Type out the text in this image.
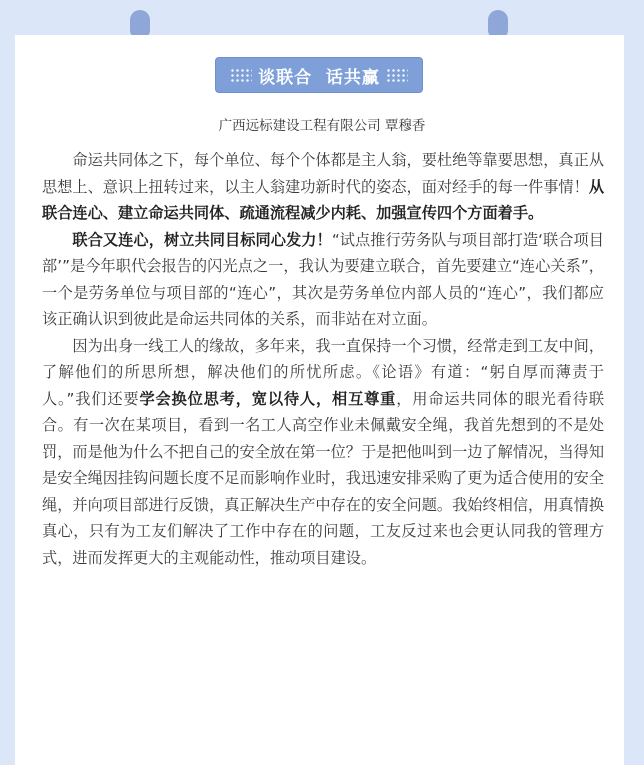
谈联合  话共赢
广西远标建设工程有限公司 覃穆香

命运共同体之下，每个单位、每个个体都是主人翁，要杜绝等靠要思想，真正从思想上、意识上扭转过来，以主人翁建功新时代的姿态，面对经手的每一件事情！从联合连心、建立命运共同体、疏通流程减少内耗、加强宣传四个方面着手。

联合又连心，树立共同目标同心发力！“试点推行劳务队与项目部打造‘联合项目部’”是今年职代会报告的闪光点之一，我认为要建立联合，首先要建立“连心关系”，一个是劳务单位与项目部的“连心”，其次是劳务单位内部人员的“连心”，我们都应该正确认识到彼此是命运共同体的关系，而非站在对立面。

因为出身一线工人的缘故，多年来，我一直保持一个习惯，经常走到工友中间，了解他们的所思所想，解决他们的所忧所虑。《论语》有道：“躬自厚而薄责于人。”我们还要学会换位思考，宽以待人，相互尊重，用命运共同体的眼光看待联合。有一次在某项目，看到一名工人高空作业未佩戴安全绳，我首先想到的不是处罚，而是他为什么不把自己的安全放在第一位？于是把他叫到一边了解情况，当得知是安全绳因挂钩问题长度不足而影响作业时，我迅速安排采购了更为适合使用的安全绳，并向项目部进行反馈，真正解决生产中存在的安全问题。我始终相信，用真情换真心，只有为工友们解决了工作中存在的问题，工友反过来也会更认同我的管理方式，进而发挥更大的主观能动性，推动项目建设。
